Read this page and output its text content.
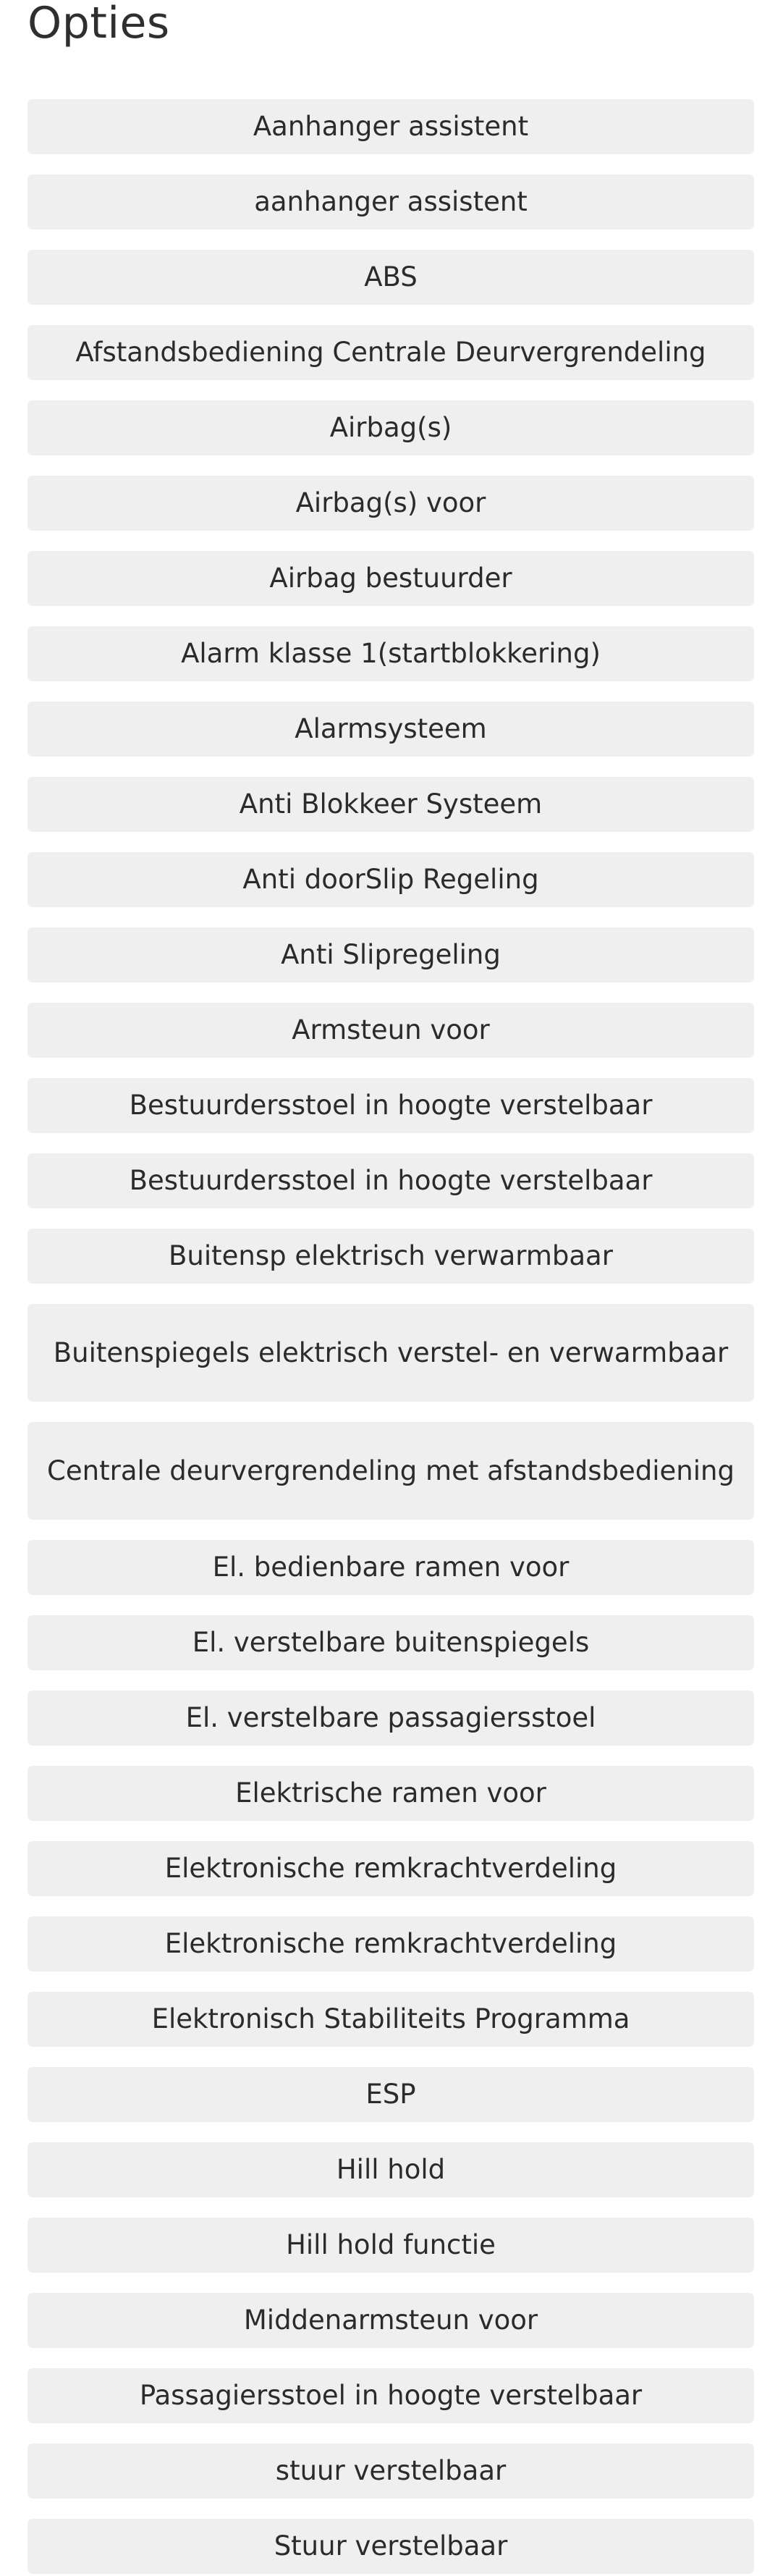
Opties
Aanhanger assistent
aanhanger assistent
ABS
Afstandsbediening Centrale Deurvergrendeling
Airbag(s)
Airbag(s) voor
Airbag bestuurder
Alarm klasse 1(startblokkering)
Alarmsysteem
Anti Blokkeer Systeem
Anti doorSlip Regeling
Anti Slipregeling
Armsteun voor
Bestuurdersstoel in hoogte verstelbaar
Bestuurdersstoel in hoogte verstelbaar
Buitensp elektrisch verwarmbaar
Buitenspiegels elektrisch verstel- en verwarmbaar
Centrale deurvergrendeling met afstandsbediening
El. bedienbare ramen voor
El. verstelbare buitenspiegels
El. verstelbare passagiersstoel
Elektrische ramen voor
Elektronische remkrachtverdeling
Elektronische remkrachtverdeling
Elektronisch Stabiliteits Programma
ESP
Hill hold
Hill hold functie
Middenarmsteun voor
Passagiersstoel in hoogte verstelbaar
stuur verstelbaar
Stuur verstelbaar
